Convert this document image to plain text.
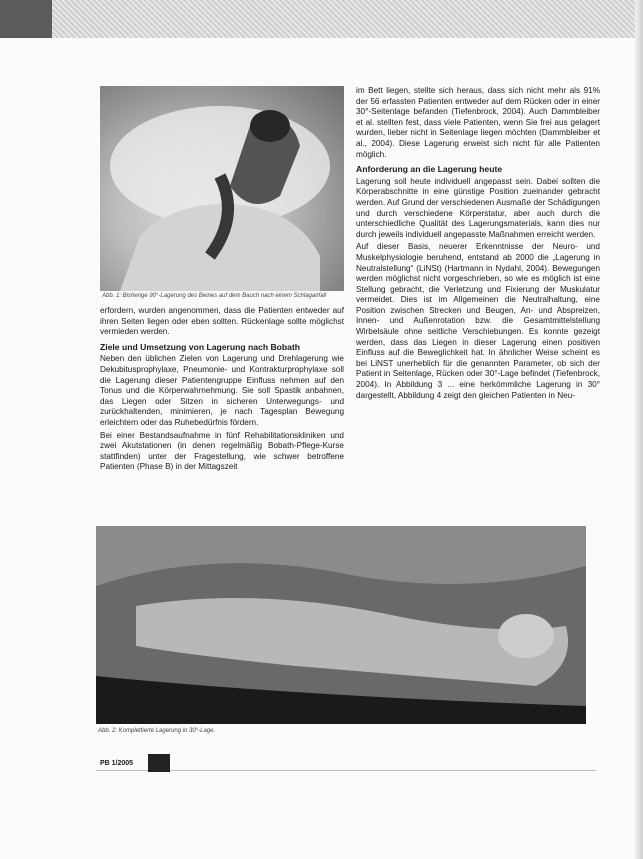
Abb. 1: Bisherige 90°-Lagerung des Beines auf dem Bauch nach einem Schlaganfall

erfordern, wurden angenommen, dass die Patienten entweder auf ihren Seiten liegen oder eben sollten. Rückenlage sollte möglichst vermieden werden.

Ziele und Umsetzung von Lagerung nach Bobath

Neben den üblichen Zielen von Lagerung und Drehlagerung wie Dekubitusprophylaxe, Pneumonie- und Kontrakturprophylaxe soll die Lagerung dieser Patientengruppe Einfluss nehmen auf den Tonus und die Körperwahrnehmung. Sie soll Spastik anbahnen, das Liegen oder Sitzen in sicheren Unterwegungs- und zurückhaltenden, minimieren, je nach Tagesplan Bewegung erleichtern oder das Ruhebedürfnis fördern.

Bei einer Bestandsaufnahme in fünf Rehabilitationskliniken und zwei Akutstationen (in denen regelmäßig Bobath-Pflege-Kurse stattfinden) unter der Fragestellung, wie schwer betroffene Patienten (Phase B) in der Mittagszeit

im Bett liegen, stellte sich heraus, dass sich nicht mehr als 91% der 56 erfassten Patienten entweder auf dem Rücken oder in einer 30°-Seitenlage befanden (Tiefenbrock, 2004). Auch Dammbleiber et al. stellten fest, dass viele Patienten, wenn Sie frei aus gelagert wurden, lieber nicht in Seitenlage liegen möchten (Dammbleiber et al., 2004). Diese Lagerung erweist sich nicht für alle Patienten möglich.

Anforderung an die Lagerung heute

Lagerung soll heute individuell angepasst sein. Dabei sollten die Körperabschnitte in eine günstige Position zueinander gebracht werden. Auf Grund der verschiedenen Ausmaße der Schädigungen und durch verschiedene Körperstatur, aber auch durch die unterschiedliche Qualität des Lagerungsmaterials, kann dies nur durch jeweils individuell angepasste Maßnahmen erreicht werden.

Auf dieser Basis, neuerer Erkenntnisse der Neuro- und Muskelphysiologie beruhend, entstand ab 2000 die „Lagerung in Neutralstellung“ (LiNSt) (Hartmann in Nydahl, 2004). Bewegungen werden möglichst nicht vorgeschrieben, so wie es möglich ist eine Stellung gebracht, die Verletzung und Fixierung der Muskulatur vermeidet. Dies ist im Allgemeinen die Neutralhaltung, eine Position zwischen Strecken und Beugen, An- und Abspreizen, Innen- und Außenrotation bzw. die Gesamtmittelstellung Wirbelsäule ohne seitliche Verschiebungen. Es konnte gezeigt werden, dass das Liegen in dieser Lagerung einen positiven Einfluss auf die Beweglichkeit hat. In ähnlicher Weise scheint es bei LiNST unerheblich für die genannten Parameter, ob sich der Patient in Seitenlage, Rücken oder 30°-Lage befindet (Tiefenbrock, 2004). In Abbildung 3 ... eine herkömmliche Lagerung in 30° dargestellt, Abbildung 4 zeigt den gleichen Patienten in Neu-

Abb. 2: Komplettierte Lagerung in 30°-Lage.
PB 1/2005
